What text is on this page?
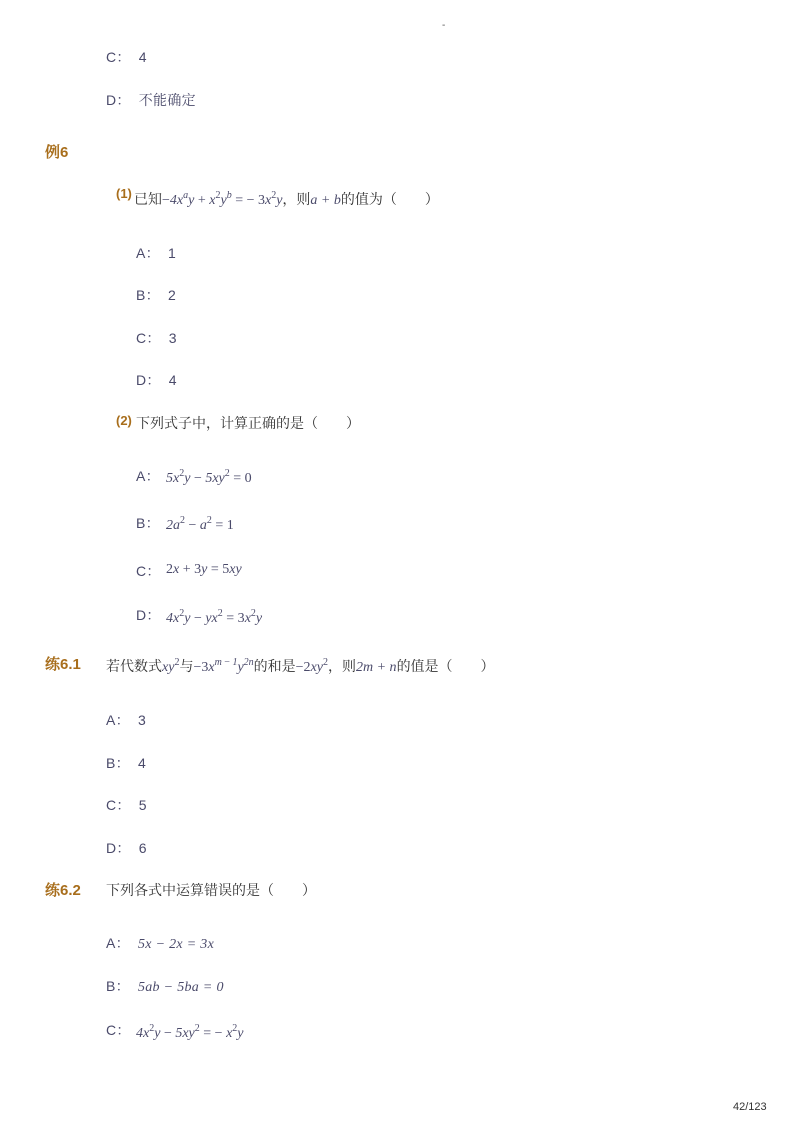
-
C： 4
D： 不能确定
例6
(1) 已知$-4x^ay + x^2y^b$ = − $3x^2y$，则a + b的值为（　　）
A： 1
B： 2
C： 3
D： 4
(2) 下列式子中，计算正确的是（　　）
A： $5x^2y - 5xy^2 = 0$
B： $2a^2 - a^2 = 1$
C： 2x + 3y = 5xy
D： $4x^2y - yx^2 = 3x^2y$
练6.1 若代数式$xy^2$与$-3x^{m - 1}y^{2n}$的和是$-2xy^2$，则2m + n的值是（　　）
A： 3
B： 4
C： 5
D： 6
练6.2 下列各式中运算错误的是（　　）
A： 5x − 2x = 3x
B： 5ab − 5ba = 0
C： $4x^2y - 5xy^2$ = − $x^2y$
42/123
